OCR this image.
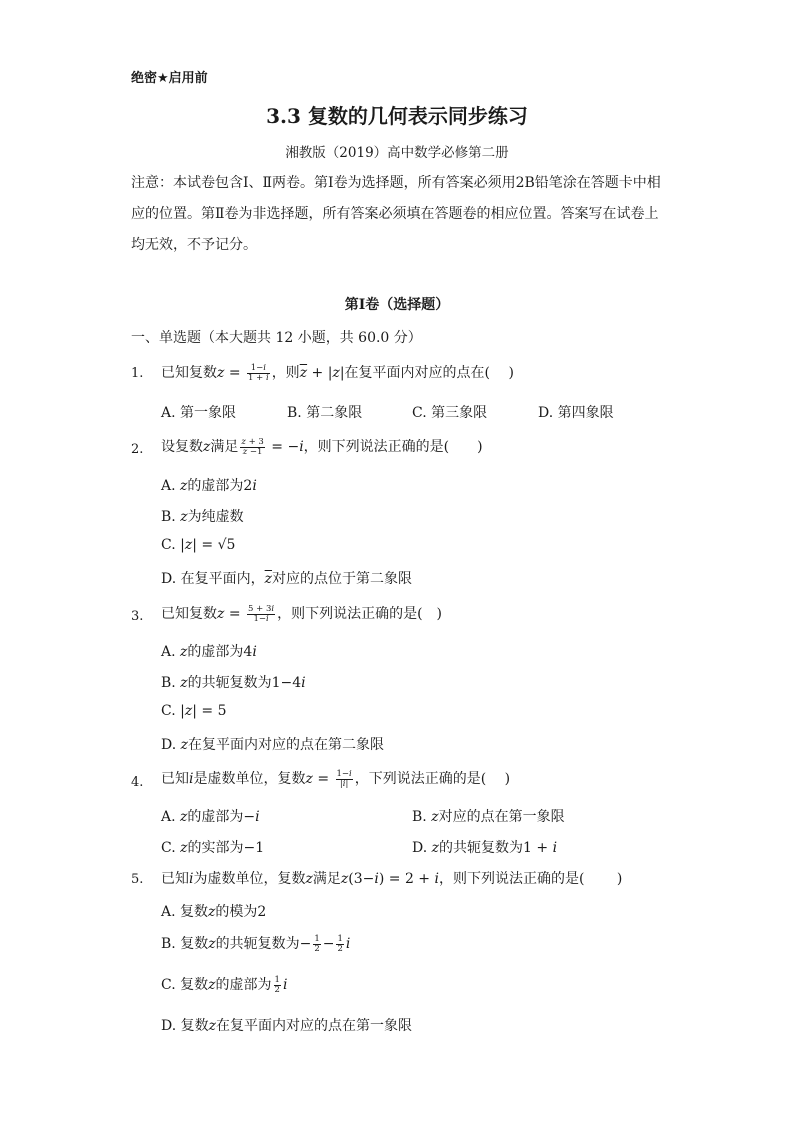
绝密★启用前
3.3 复数的几何表示同步练习
湘教版（2019）高中数学必修第二册
注意：本试卷包含Ⅰ、Ⅱ两卷。第Ⅰ卷为选择题，所有答案必须用2B铅笔涂在答题卡中相应的位置。第Ⅱ卷为非选择题，所有答案必须填在答题卷的相应位置。答案写在试卷上均无效，不予记分。
第Ⅰ卷（选择题）
一、单选题（本大题共 12 小题，共 60.0 分）
1. 已知复数$z = \frac{1-i}{1 + i}$ ，则$\overline{z} + |z|$在复平面内对应的点在(　 )
A. 第一象限	B. 第二象限	C. 第三象限	D. 第四象限
2. 设复数z满足 $\frac{z + 3}{z -1} = -i$，则下列说法正确的是(　　)
A. z的虚部为2i
B. z为纯虚数
C. |z| = √5
D. 在复平面内，$\overline{z}$对应的点位于第二象限
3. 已知复数$z = \frac{5 + 3i}{1-i}$ ，则下列说法正确的是(　)
A. z的虚部为4i
B. z的共轭复数为1−4i
C. |z| = 5
D. z在复平面内对应的点在第二象限
4. 已知i是虚数单位，复数$z = \frac{1-i}{|i|}$ ，下列说法正确的是(　 )
A. z的虚部为−i	B. z对应的点在第一象限
C. z的实部为−1	D. z的共轭复数为1 + i
5. 已知i为虚数单位，复数z满足z(3−i) = 2 + i，则下列说法正确的是(　 　)
A. 复数z的模为2
B. 复数z的共轭复数为− $\frac{1}{2} - \frac{1}{2}$ i
C. 复数z的虚部为 $\frac{1}{2}$ i
D. 复数z在复平面内对应的点在第一象限
